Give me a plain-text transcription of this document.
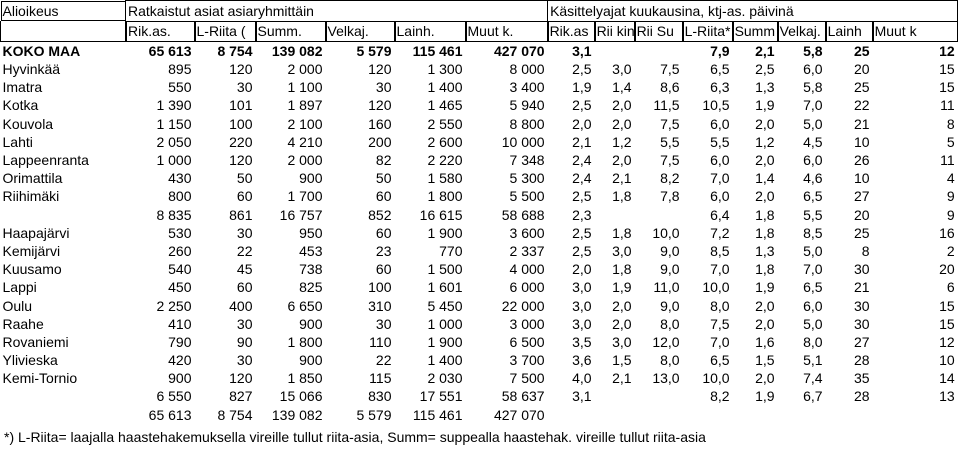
Alioikeus	Ratkaistut asiat asiaryhmittäin						Käsittelyajat kuukausina, ktj-as. päivinä							
	Rik.as.	L-Riita (	Summ.	Velkaj.	Lainh.	Muut k.	Rik.as	Rii kin	Rii Su	L-Riita*	Summ	Velkaj.	Lainh	Muut k
KOKO MAA	65 613	8 754	139 082	5 579	115 461	427 070	3,1			7,9	2,1	5,8	25	12
Hyvinkää	895	120	2 000	120	1 300	8 000	2,5	3,0	7,5	6,5	2,5	6,0	20	15
Imatra	550	30	1 100	30	1 400	3 400	1,9	1,4	8,6	6,3	1,3	5,8	25	15
Kotka	1 390	101	1 897	120	1 465	5 940	2,5	2,0	11,5	10,5	1,9	7,0	22	11
Kouvola	1 150	100	2 100	160	2 550	8 800	2,0	2,0	7,5	6,0	2,0	5,0	21	8
Lahti	2 050	220	4 210	200	2 600	10 000	2,1	1,2	5,5	5,5	1,2	4,5	10	5
Lappeenranta	1 000	120	2 000	82	2 220	7 348	2,4	2,0	7,5	6,0	2,0	6,0	26	11
Orimattila	430	50	900	50	1 580	5 300	2,4	2,1	8,2	7,0	1,4	4,6	10	4
Riihimäki	800	60	1 700	60	1 800	5 500	2,5	1,8	7,8	6,0	2,0	6,5	27	9
	8 835	861	16 757	852	16 615	58 688	2,3			6,4	1,8	5,5	20	9
Haapajärvi	530	30	950	60	1 900	3 600	2,5	1,8	10,0	7,2	1,8	8,5	25	16
Kemijärvi	260	22	453	23	770	2 337	2,5	3,0	9,0	8,5	1,3	5,0	8	2
Kuusamo	540	45	738	60	1 500	4 000	2,0	1,8	9,0	7,0	1,8	7,0	30	20
Lappi	450	60	825	100	1 601	6 000	3,0	1,9	11,0	10,0	1,9	6,5	21	6
Oulu	2 250	400	6 650	310	5 450	22 000	3,0	2,0	9,0	8,0	2,0	6,0	30	15
Raahe	410	30	900	30	1 000	3 000	3,0	2,0	8,0	7,5	2,0	5,0	30	15
Rovaniemi	790	90	1 800	110	1 900	6 500	3,5	3,0	12,0	7,0	1,6	8,0	27	12
Ylivieska	420	30	900	22	1 400	3 700	3,6	1,5	8,0	6,5	1,5	5,1	28	10
Kemi-Tornio	900	120	1 850	115	2 030	7 500	4,0	2,1	13,0	10,0	2,0	7,4	35	14
	6 550	827	15 066	830	17 551	58 637	3,1			8,2	1,9	6,7	28	13
	65 613	8 754	139 082	5 579	115 461	427 070								
*) L-Riita= laajalla haastehakemuksella vireille tullut riita-asia, Summ= suppealla haastehak. vireille tullut riita-asia
